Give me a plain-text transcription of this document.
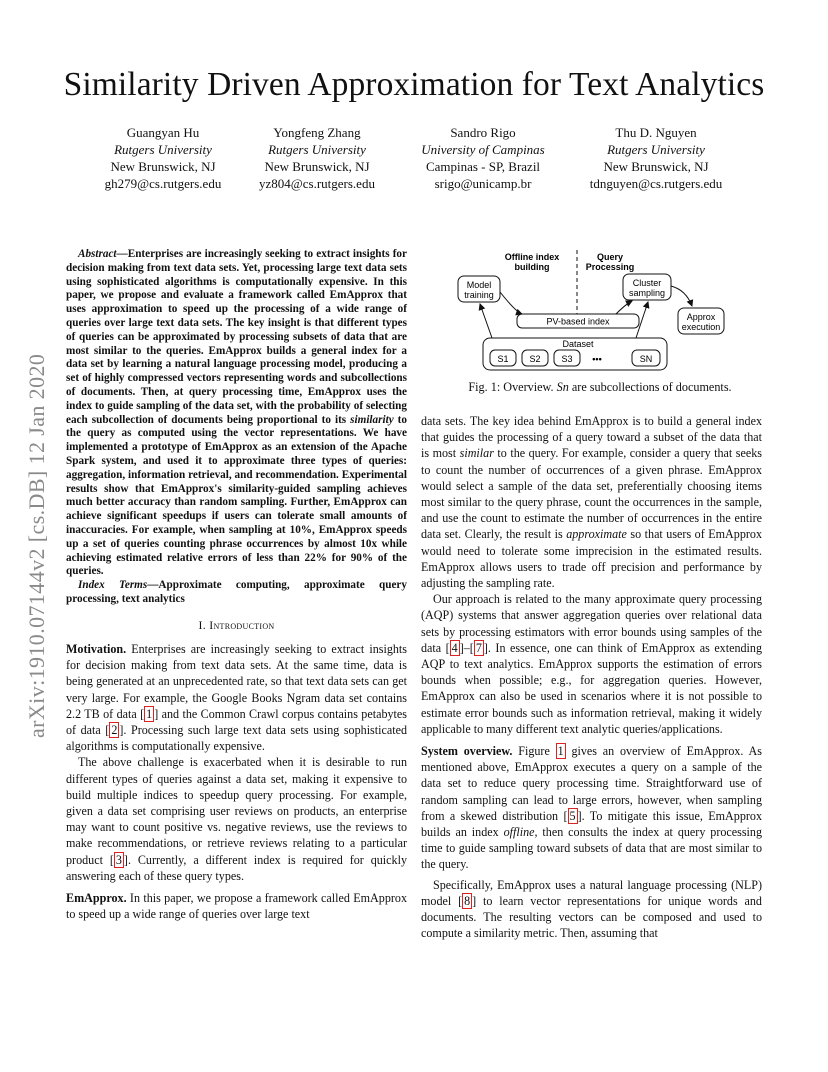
Similarity Driven Approximation for Text Analytics
Guangyan Hu
Rutgers University
New Brunswick, NJ
gh279@cs.rutgers.edu
Yongfeng Zhang
Rutgers University
New Brunswick, NJ
yz804@cs.rutgers.edu
Sandro Rigo
University of Campinas
Campinas - SP, Brazil
srigo@unicamp.br
Thu D. Nguyen
Rutgers University
New Brunswick, NJ
tdnguyen@cs.rutgers.edu
arXiv:1910.07144v2 [cs.DB] 12 Jan 2020

Abstract—Enterprises are increasingly seeking to extract insights for decision making from text data sets. Yet, processing large text data sets using sophisticated algorithms is computationally expensive. In this paper, we propose and evaluate a framework called EmApprox that uses approximation to speed up the processing of a wide range of queries over large text data sets. The key insight is that different types of queries can be approximated by processing subsets of data that are most similar to the queries. EmApprox builds a general index for a data set by learning a natural language processing model, producing a set of highly compressed vectors representing words and subcollections of documents. Then, at query processing time, EmApprox uses the index to guide sampling of the data set, with the probability of selecting each subcollection of documents being proportional to its similarity to the query as computed using the vector representations. We have implemented a prototype of EmApprox as an extension of the Apache Spark system, and used it to approximate three types of queries: aggregation, information retrieval, and recommendation. Experimental results show that EmApprox's similarity-guided sampling achieves much better accuracy than random sampling. Further, EmApprox can achieve significant speedups if users can tolerate small amounts of inaccuracies. For example, when sampling at 10%, EmApprox speeds up a set of queries counting phrase occurrences by almost 10x while achieving estimated relative errors of less than 22% for 90% of the queries.

Index Terms—Approximate computing, approximate query processing, text analytics

I. Introduction

Motivation. Enterprises are increasingly seeking to extract insights for decision making from text data sets. At the same time, data is being generated at an unprecedented rate, so that text data sets can get very large. For example, the Google Books Ngram data set contains 2.2 TB of data [ 1 ] and the Common Crawl corpus contains petabytes of data [ 2 ]. Processing such large text data sets using sophisticated algorithms is computationally expensive.

The above challenge is exacerbated when it is desirable to run different types of queries against a data set, making it expensive to build multiple indices to speedup query processing. For example, given a data set comprising user reviews on products, an enterprise may want to count positive vs. negative reviews, use the reviews to make recommendations, or retrieve reviews relating to a particular product [ 3 ]. Currently, a different index is required for quickly answering each of these query types.

EmApprox. In this paper, we propose a framework called EmApprox to speed up a wide range of queries over large text

Offline index
building
Query
Processing
Model
training
Cluster
sampling
Approx
execution
PV-based index
Dataset
S1 S2 S3 •••	SN
Fig. 1: Overview. Sn are subcollections of documents.

data sets. The key idea behind EmApprox is to build a general index that guides the processing of a query toward a subset of the data that is most similar to the query. For example, consider a query that seeks to count the number of occurrences of a given phrase. EmApprox would select a sample of the data set, preferentially choosing items most similar to the query phrase, count the occurrences in the sample, and use the count to estimate the number of occurrences in the entire data set. Clearly, the result is approximate so that users of EmApprox would need to tolerate some imprecision in the estimated results. EmApprox allows users to trade off precision and performance by adjusting the sampling rate.

Our approach is related to the many approximate query processing (AQP) systems that answer aggregation queries over relational data sets by processing estimators with error bounds using samples of the data [ 4 ]–[ 7 ]. In essence, one can think of EmApprox as extending AQP to text analytics. EmApprox supports the estimation of errors bounds when possible; e.g., for aggregation queries. However, EmApprox can also be used in scenarios where it is not possible to estimate error bounds such as information retrieval, making it widely applicable to many different text analytic queries/applications.

System overview. Figure 1 gives an overview of EmApprox. As mentioned above, EmApprox executes a query on a sample of the data set to reduce query processing time. Straightforward use of random sampling can lead to large errors, however, when sampling from a skewed distribution [ 5 ]. To mitigate this issue, EmApprox builds an index offline, then consults the index at query processing time to guide sampling toward subsets of data that are most similar to the query.

Specifically, EmApprox uses a natural language processing (NLP) model [ 8 ] to learn vector representations for unique words and documents. The resulting vectors can be composed and used to compute a similarity metric. Then, assuming that
